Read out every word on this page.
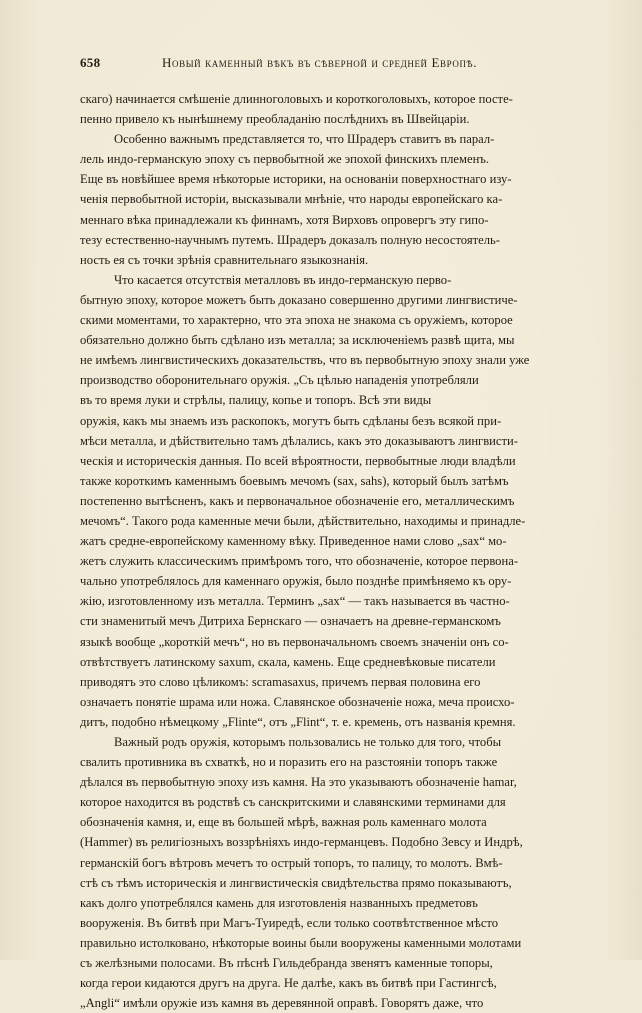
658	Новый каменный вѣкъ въ сѣверной и средней Европѣ.
скаго) начинается смѣшеніе длинноголовыхъ и короткоголовыхъ, которое посте-
пенно привело къ нынѣшнему преобладанію послѣднихъ въ Швейцаріи.
Особенно важнымъ представляется то, что Шрадеръ ставитъ въ парал-
лель индо-германскую эпоху съ первобытной же эпохой финскихъ племенъ.
Еще въ новѣйшее время нѣкоторые историки, на основаніи поверхностнаго изу-
ченія первобытной исторіи, высказывали мнѣніе, что народы европейскаго ка-
меннаго вѣка принадлежали къ финнамъ, хотя Вирховъ опровергъ эту гипо-
тезу естественно-научнымъ путемъ. Шрадеръ доказалъ полную несостоятель-
ность ея съ точки зрѣнія сравнительнаго языкознанія.
Что касается отсутствія металловъ въ индо-германскую перво-
бытную эпоху, которое можетъ быть доказано совершенно другими лингвистиче-
скими моментами, то характерно, что эта эпоха не знакома съ оружіемъ, которое
обязательно должно быть сдѣлано изъ металла; за исключеніемъ развѣ щита, мы
не имѣемъ лингвистическихъ доказательствъ, что въ первобытную эпоху знали уже
производство оборонительнаго оружія. „Съ цѣлью нападенія употребляли
въ то время луки и стрѣлы, палицу, копье и топоръ. Всѣ эти виды
оружія, какъ мы знаемъ изъ раскопокъ, могутъ быть сдѣланы безъ всякой при-
мѣси металла, и дѣйствительно тамъ дѣлались, какъ это доказываютъ лингвисти-
ческія и историческія данныя. По всей вѣроятности, первобытные люди владѣли
также короткимъ каменнымъ боевымъ мечомъ (sax, sahs), который былъ затѣмъ
постепенно вытѣсненъ, какъ и первоначальное обозначеніе его, металлическимъ
мечомъ“. Такого рода каменные мечи были, дѣйствительно, находимы и принадле-
жатъ средне-европейскому каменному вѣку. Приведенное нами слово „sax“ мо-
жетъ служить классическимъ примѣромъ того, что обозначеніе, которое первона-
чально употреблялось для каменнаго оружія, было позднѣе примѣняемо къ ору-
жію, изготовленному изъ металла. Терминъ „sax“ — такъ называется въ частно-
сти знаменитый мечъ Дитриха Бернскаго — означаетъ на древне-германскомъ
языкѣ вообще „короткій мечъ“, но въ первоначальномъ своемъ значеніи онъ со-
отвѣтствуетъ латинскому saxum, скала, камень. Еще средневѣковые писатели
приводятъ это слово цѣликомъ: scramasaxus, причемъ первая половина его
означаетъ понятіе шрама или ножа. Славянское обозначеніе ножа, меча происхо-
дитъ, подобно нѣмецкому „Flinte“, отъ „Flint“, т. е. кремень, отъ названія кремня.
Важный родъ оружія, которымъ пользовались не только для того, чтобы
свалить противника въ схваткѣ, но и поразить его на разстояніи топоръ также
дѣлался въ первобытную эпоху изъ камня. На это указываютъ обозначеніе hamar,
которое находится въ родствѣ съ санскритскими и славянскими терминами для
обозначенія камня, и, еще въ большей мѣрѣ, важная роль каменнаго молота
(Hammer) въ религіозныхъ воззрѣніяхъ индо-германцевъ. Подобно Зевсу и Индрѣ,
германскій богъ вѣтровъ мечетъ то острый топоръ, то палицу, то молотъ. Вмѣ-
стѣ съ тѣмъ историческія и лингвистическія свидѣтельства прямо показываютъ,
какъ долго употреблялся камень для изготовленія названныхъ предметовъ
вооруженія. Въ битвѣ при Магъ-Туиредѣ, если только соотвѣтственное мѣсто
правильно истолковано, нѣкоторые воины были вооружены каменными молотами
съ желѣзными полосами. Въ пѣснѣ Гильдебранда звенятъ каменные топоры,
когда герои кидаются другъ на друга. Не далѣе, какъ въ битвѣ при Гастингсѣ,
„Angli“ имѣли оружіе изъ камня въ деревянной оправѣ. Говорятъ даже, что
